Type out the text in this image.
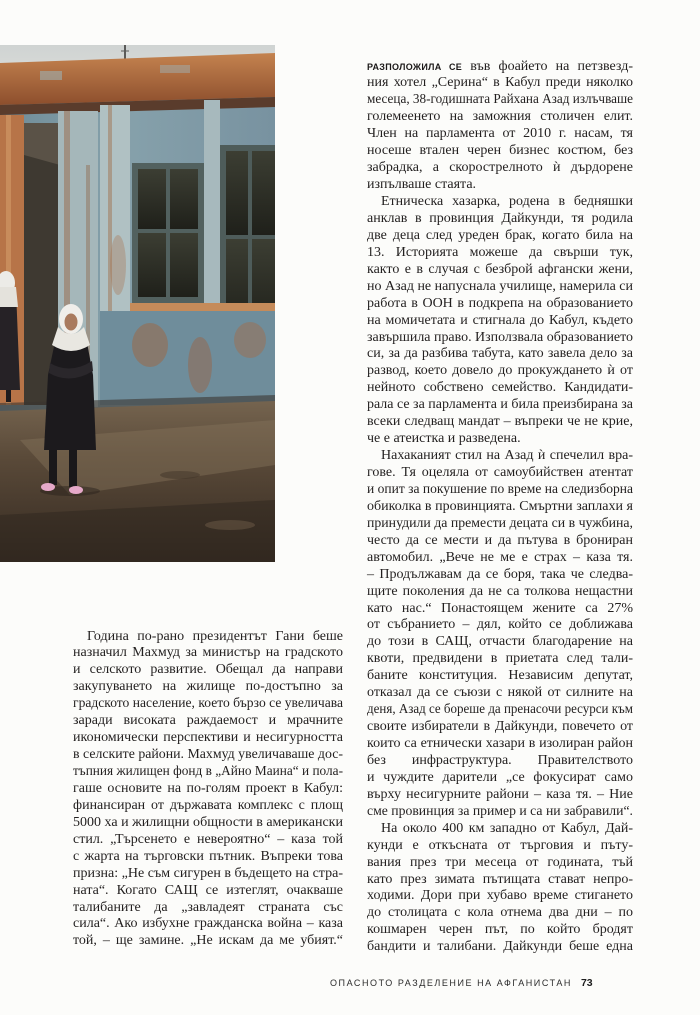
РАЗПОЛОЖИЛА СЕ във фоайето на петзвезд-
ния хотел „Серина“ в Кабул преди няколко
месеца, 38-годишната Райхана Азад излъчваше
големеенето на заможния столичен елит.
Член на парламента от 2010 г. насам, тя
носеше втален черен бизнес костюм, без
забрадка, а скорострелното ѝ дърдорене
изпълваше стаята.
Етническа хазарка, родена в бедняшки
анклав в провинция Дайкунди, тя родила
две деца след уреден брак, когато била на
13. Историята можеше да свърши тук,
както е в случая с безброй афгански жени,
но Азад не напуснала училище, намерила си
работа в ООН в подкрепа на образованието
на момичетата и стигнала до Кабул, където
завършила право. Използвала образованието
си, за да разбива табута, като завела дело за
развод, което довело до прокуждането ѝ от
нейното собствено семейство. Кандидати-
рала се за парламента и била преизбирана за
всеки следващ мандат – въпреки че не крие,
че е атеистка и разведена.
Нахаканият стил на Азад ѝ спечелил вра-
гове. Тя оцеляла от самоубийствен атентат
и опит за покушение по време на следизборна
обиколка в провинцията. Смъртни заплахи я
принудили да премести децата си в чужбина,
често да се мести и да пътува в брониран
автомобил. „Вече не ме е страх – каза тя.
– Продължавам да се боря, така че следва-
щите поколения да не са толкова нещастни
като нас.“ Понастоящем жените са 27%
от събранието – дял, който се доближава
до този в САЩ, отчасти благодарение на
квоти, предвидени в приетата след тали-
баните конституция. Независим депутат,
отказал да се съюзи с някой от силните на
деня, Азад се бореше да пренасочи ресурси към
своите избиратели в Дайкунди, повечето от
които са етнически хазари в изолиран район
без инфраструктура. Правителството
и чуждите дарители „се фокусират само
върху несигурните райони – каза тя. – Ние
сме провинция за пример и са ни забравили“.
На около 400 км западно от Кабул, Дай-
кунди е откъсната от търговия и пъту-
вания през три месеца от годината, тъй
като през зимата пътищата стават непро-
ходими. Дори при хубаво време стигането
до столицата с кола отнема два дни – по
кошмарен черен път, по който бродят
бандити и талибани. Дайкунди беше една
Година по-рано президентът Гани беше
назначил Махмуд за министър на градското
и селското развитие. Обещал да направи
закупуването на жилище по-достъпно за
градското население, което бързо се увеличава
заради високата раждаемост и мрачните
икономически перспективи и несигурността
в селските райони. Махмуд увеличаваше дос-
тъпния жилищен фонд в „Айно Маина“ и пола-
гаше основите на по-голям проект в Кабул:
финансиран от държавата комплекс с площ
5000 ха и жилищни общности в американски
стил. „Търсенето е невероятно“ – каза той
с жарта на търговски пътник. Въпреки това
призна: „Не съм сигурен в бъдещето на стра-
ната“. Когато САЩ се изтеглят, очакваше
талибаните да „завладеят страната със
сила“. Ако избухне гражданска война – каза
той, – ще замине. „Не искам да ме убият.“
ОПАСНОТО РАЗДЕЛЕНИЕ НА АФГАНИСТАН 73
